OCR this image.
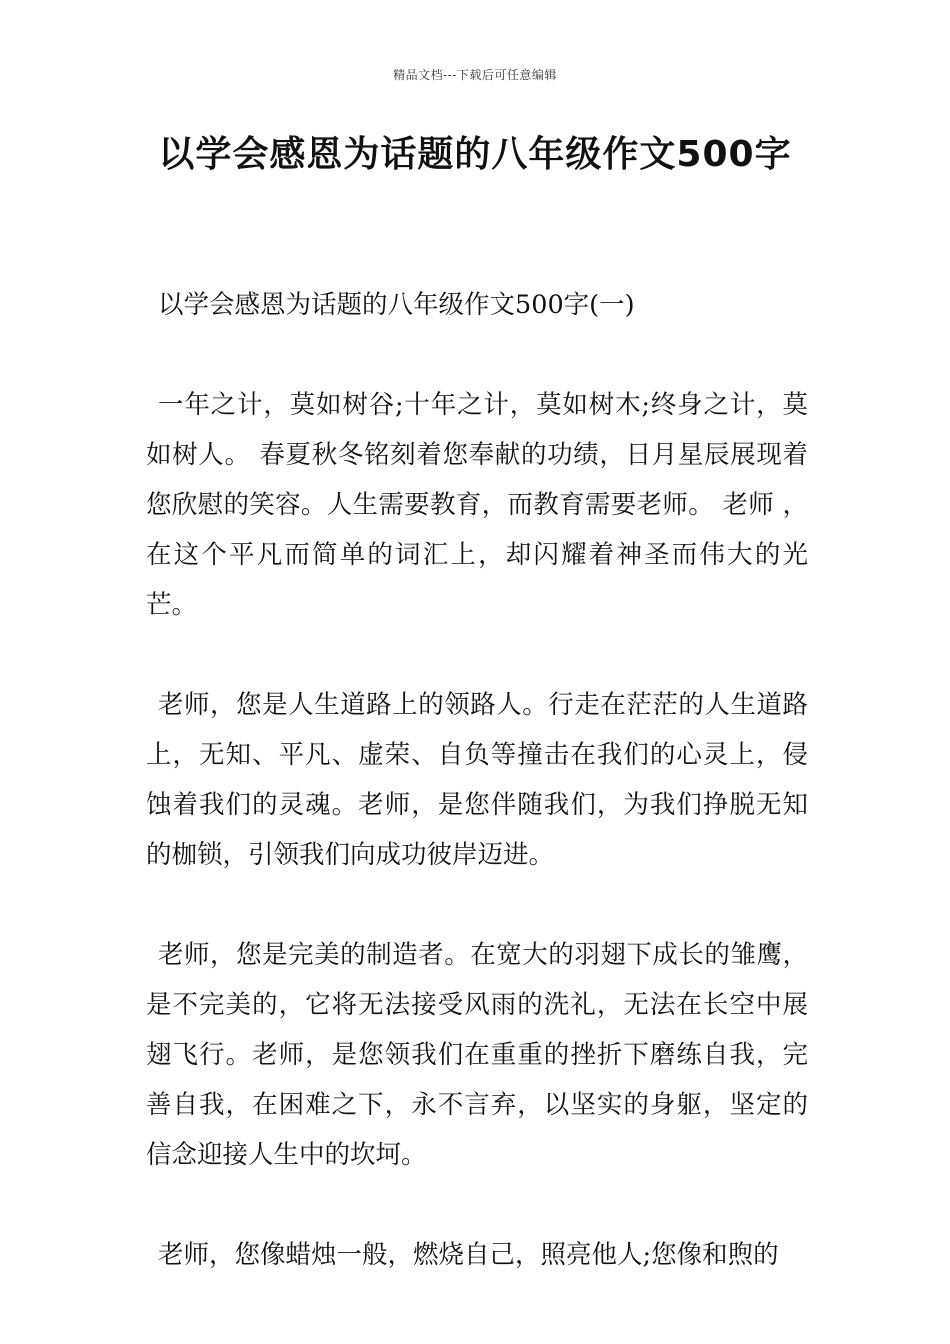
精品文档---下载后可任意编辑
以学会感恩为话题的八年级作文500字

以学会感恩为话题的八年级作文500字(一)

一年之计，莫如树谷;十年之计，莫如树木;终身之计，莫如树人。 春夏秋冬铭刻着您奉献的功绩，日月星辰展现着您欣慰的笑容。人生需要教育，而教育需要老师。 老师 ，在这个平凡而简单的词汇上，却闪耀着神圣而伟大的光芒。

老师，您是人生道路上的领路人。行走在茫茫的人生道路上，无知、平凡、虚荣、自负等撞击在我们的心灵上，侵蚀着我们的灵魂。老师，是您伴随我们，为我们挣脱无知的枷锁，引领我们向成功彼岸迈进。

老师，您是完美的制造者。在宽大的羽翅下成长的雏鹰，是不完美的，它将无法接受风雨的洗礼，无法在长空中展翅飞行。老师，是您领我们在重重的挫折下磨练自我，完善自我，在困难之下，永不言弃，以坚实的身躯，坚定的信念迎接人生中的坎坷。

老师，您像蜡烛一般，燃烧自己，照亮他人;您像和煦的
